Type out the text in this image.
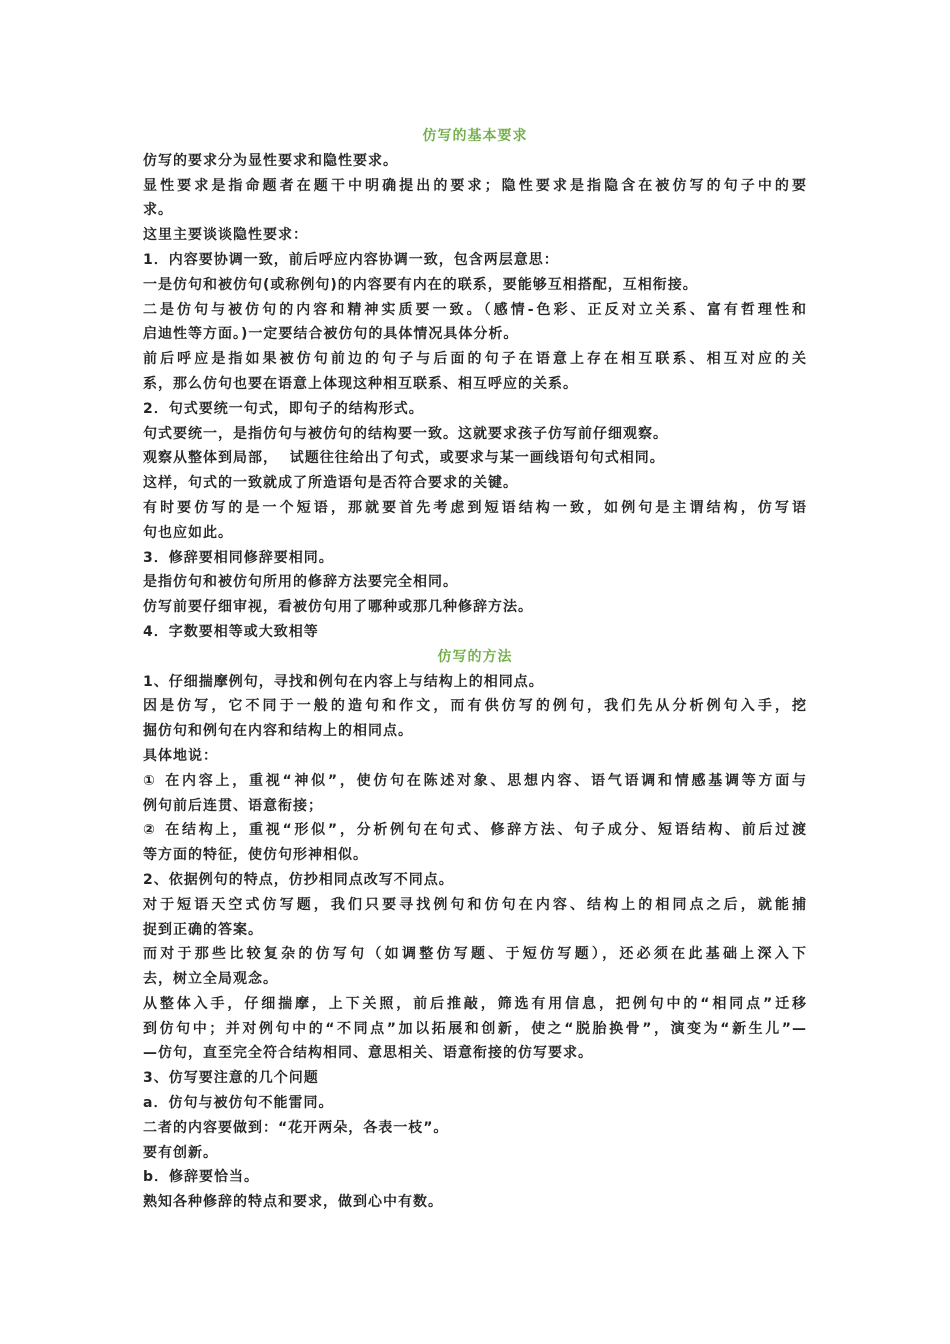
仿写的基本要求
仿写的要求分为显性要求和隐性要求。
显性要求是指命题者在题干中明确提出的要求；隐性要求是指隐含在被仿写的句子中的要
求。
这里主要谈谈隐性要求：
1．内容要协调一致，前后呼应内容协调一致，包含两层意思：
一是仿句和被仿句(或称例句)的内容要有内在的联系，要能够互相搭配，互相衔接。
二是仿句与被仿句的内容和精神实质要一致。（感情-色彩、正反对立关系、富有哲理性和
启迪性等方面。)一定要结合被仿句的具体情况具体分析。
前后呼应是指如果被仿句前边的句子与后面的句子在语意上存在相互联系、相互对应的关
系，那么仿句也要在语意上体现这种相互联系、相互呼应的关系。
2．句式要统一句式，即句子的结构形式。
句式要统一，是指仿句与被仿句的结构要一致。这就要求孩子仿写前仔细观察。
观察从整体到局部，  试题往往给出了句式，或要求与某一画线语句句式相同。
这样，句式的一致就成了所造语句是否符合要求的关键。
有时要仿写的是一个短语，那就要首先考虑到短语结构一致，如例句是主谓结构，仿写语
句也应如此。
3．修辞要相同修辞要相同。
是指仿句和被仿句所用的修辞方法要完全相同。
仿写前要仔细审视，看被仿句用了哪种或那几种修辞方法。
4．字数要相等或大致相等
仿写的方法
1、仔细揣摩例句，寻找和例句在内容上与结构上的相同点。
因是仿写，它不同于一般的造句和作文，而有供仿写的例句，我们先从分析例句入手，挖
掘仿句和例句在内容和结构上的相同点。
具体地说：
① 在内容上，重视“神似”，使仿句在陈述对象、思想内容、语气语调和情感基调等方面与
例句前后连贯、语意衔接；
② 在结构上，重视“形似”，分析例句在句式、修辞方法、句子成分、短语结构、前后过渡
等方面的特征，使仿句形神相似。
2、依据例句的特点，仿抄相同点改写不同点。
对于短语天空式仿写题，我们只要寻找例句和仿句在内容、结构上的相同点之后，就能捕
捉到正确的答案。
而对于那些比较复杂的仿写句（如调整仿写题、于短仿写题），还必须在此基础上深入下
去，树立全局观念。
从整体入手，仔细揣摩，上下关照，前后推敲，筛选有用信息，把例句中的“相同点”迁移
到仿句中；并对例句中的“不同点”加以拓展和创新，使之“脱胎换骨”，演变为“新生儿”—
—仿句，直至完全符合结构相同、意思相关、语意衔接的仿写要求。
3、仿写要注意的几个问题
a．仿句与被仿句不能雷同。
二者的内容要做到：“花开两朵，各表一枝”。
要有创新。
b．修辞要恰当。
熟知各种修辞的特点和要求，做到心中有数。
